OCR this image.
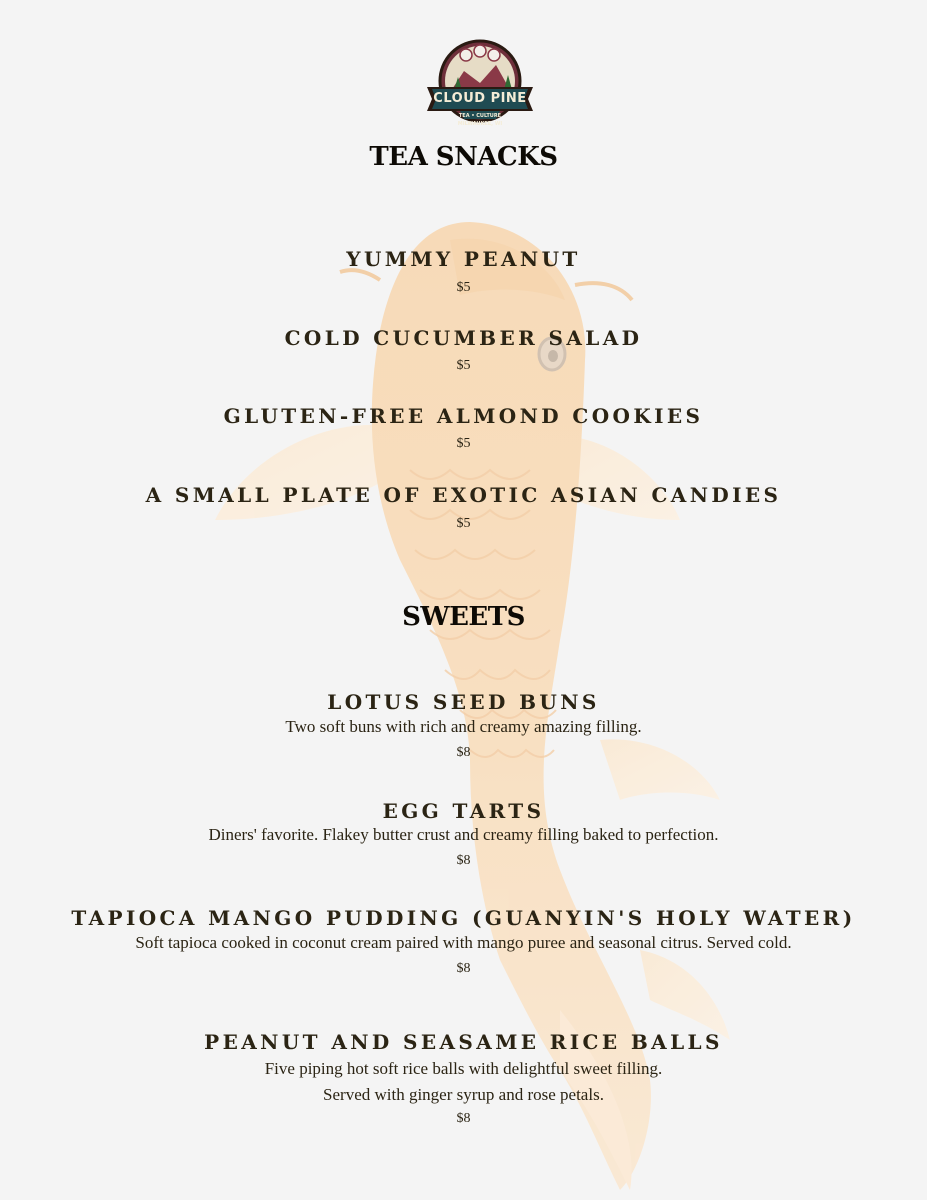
CLOUD PINE
TEA • CULTURE
MILWAUKEE, WI
TEA SNACKS
YUMMY PEANUT
$5
COLD CUCUMBER SALAD
$5
GLUTEN-FREE ALMOND COOKIES
$5
A SMALL PLATE OF EXOTIC ASIAN CANDIES
$5
SWEETS
LOTUS SEED BUNS
Two soft buns with rich and creamy amazing filling.
$8
EGG TARTS
Diners' favorite. Flakey butter crust and creamy filling baked to perfection.
$8
TAPIOCA MANGO PUDDING (GUANYIN'S HOLY WATER)
Soft tapioca cooked in coconut cream paired with mango puree and seasonal citrus. Served cold.
$8
PEANUT AND SEASAME RICE BALLS
Five piping hot soft rice balls with delightful sweet filling.
Served with ginger syrup and rose petals.
$8
